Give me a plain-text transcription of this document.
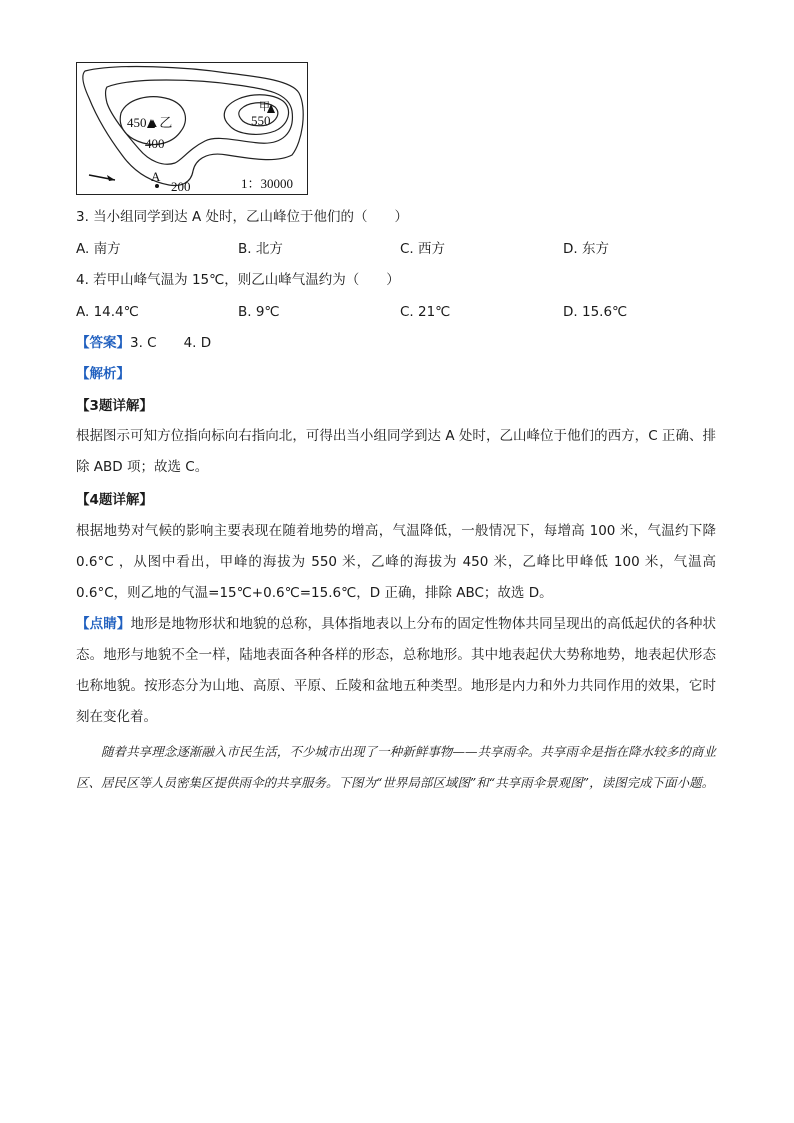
450▲乙
400
甲
550
A
200	1：30000
3. 当小组同学到达 A 处时，乙山峰位于他们的（　　）
A. 南方	B. 北方	C. 西方	D. 东方
4. 若甲山峰气温为 15℃，则乙山峰气温约为（　　）
A. 14.4℃	B. 9℃	C. 21℃	D. 15.6℃
【答案】3. C　　4. D
【解析】
【3题详解】
根据图示可知方位指向标向右指向北，可得出当小组同学到达 A 处时，乙山峰位于他们的西方，C 正确、排除 ABD 项；故选 C。
【4题详解】
根据地势对气候的影响主要表现在随着地势的增高，气温降低，一般情况下，每增高 100 米，气温约下降 0.6°C ，从图中看出，甲峰的海拔为 550 米，乙峰的海拔为 450 米，乙峰比甲峰低 100 米，气温高 0.6°C，则乙地的气温=15℃+0.6℃=15.6℃，D 正确，排除 ABC；故选 D。
【点睛】地形是地物形状和地貌的总称，具体指地表以上分布的固定性物体共同呈现出的高低起伏的各种状态。地形与地貌不全一样，陆地表面各种各样的形态，总称地形。其中地表起伏大势称地势，地表起伏形态也称地貌。按形态分为山地、高原、平原、丘陵和盆地五种类型。地形是内力和外力共同作用的效果，它时刻在变化着。
随着共享理念逐渐融入市民生活，不少城市出现了一种新鲜事物——共享雨伞。共享雨伞是指在降水较多的商业区、居民区等人员密集区提供雨伞的共享服务。下图为“世界局部区域图”和“共享雨伞景观图”，读图完成下面小题。
